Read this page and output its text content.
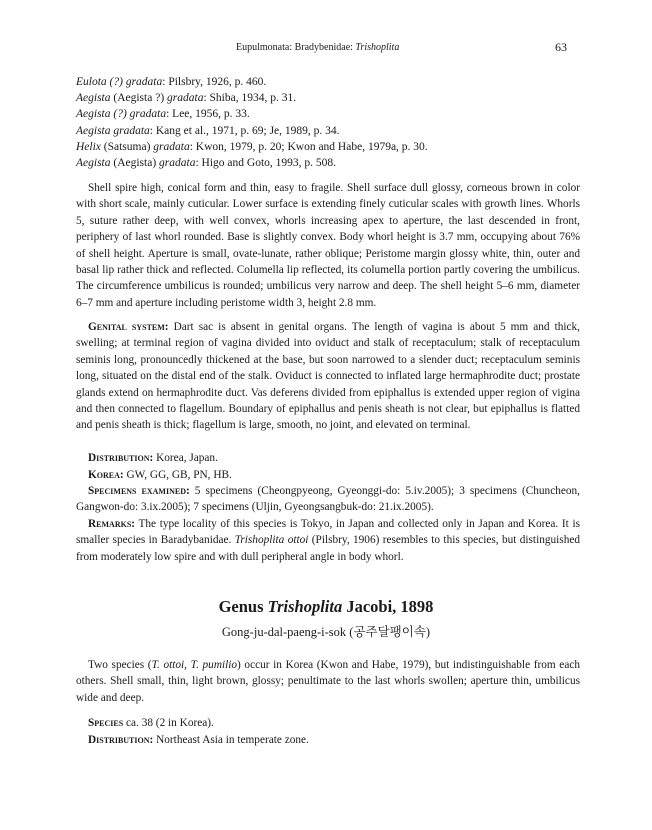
Eupulmonata: Bradybenidae: Trishoplita	63
Eulota (?) gradata: Pilsbry, 1926, p. 460.
Aegista (Aegista ?) gradata: Shiba, 1934, p. 31.
Aegista (?) gradata: Lee, 1956, p. 33.
Aegista gradata: Kang et al., 1971, p. 69; Je, 1989, p. 34.
Helix (Satsuma) gradata: Kwon, 1979, p. 20; Kwon and Habe, 1979a, p. 30.
Aegista (Aegista) gradata: Higo and Goto, 1993, p. 508.

Shell spire high, conical form and thin, easy to fragile. Shell surface dull glossy, corneous brown in color with short scale, mainly cuticular. Lower surface is extending finely cuticular scales with growth lines. Whorls 5, suture rather deep, with well convex, whorls increasing apex to aperture, the last descended in front, periphery of last whorl rounded. Base is slightly convex. Body whorl height is 3.7 mm, occupying about 76% of shell height. Aperture is small, ovate-lunate, rather oblique; Peristome margin glossy white, thin, outer and basal lip rather thick and reflected. Columella lip reflected, its columella portion partly covering the umbilicus. The circumference umbilicus is rounded; umbilicus very narrow and deep. The shell height 5–6 mm, diameter 6–7 mm and aperture including peristome width 3, height 2.8 mm.

Genital system: Dart sac is absent in genital organs. The length of vagina is about 5 mm and thick, swelling; at terminal region of vagina divided into oviduct and stalk of receptaculum; stalk of receptaculum seminis long, pronouncedly thickened at the base, but soon narrowed to a slender duct; receptaculum seminis long, situated on the distal end of the stalk. Oviduct is connected to inflated large hermaphrodite duct; prostate glands extend on hermaphrodite duct. Vas deferens divided from epiphallus is extended upper region of vigina and then connected to flagellum. Boundary of epiphallus and penis sheath is not clear, but epiphallus is flatted and penis sheath is thick; flagellum is large, smooth, no joint, and elevated on terminal.

Distribution: Korea, Japan.

Korea: GW, GG, GB, PN, HB.

Specimens examined: 5 specimens (Cheongpyeong, Gyeonggi-do: 5.iv.2005); 3 specimens (Chuncheon, Gangwon-do: 3.ix.2005); 7 specimens (Uljin, Gyeongsangbuk-do: 21.ix.2005).

Remarks: The type locality of this species is Tokyo, in Japan and collected only in Japan and Korea. It is smaller species in Baradybanidae. Trishoplita ottoi (Pilsbry, 1906) resembles to this species, but distinguished from moderately low spire and with dull peripheral angle in body whorl.

Genus Trishoplita Jacobi, 1898
Gong-ju-dal-paeng-i-sok (공주달팽이속)

Two species (T. ottoi, T. pumilio) occur in Korea (Kwon and Habe, 1979), but indistinguishable from each others. Shell small, thin, light brown, glossy; penultimate to the last whorls swollen; aperture thin, umbilicus wide and deep.

Species ca. 38 (2 in Korea).

Distribution: Northeast Asia in temperate zone.
